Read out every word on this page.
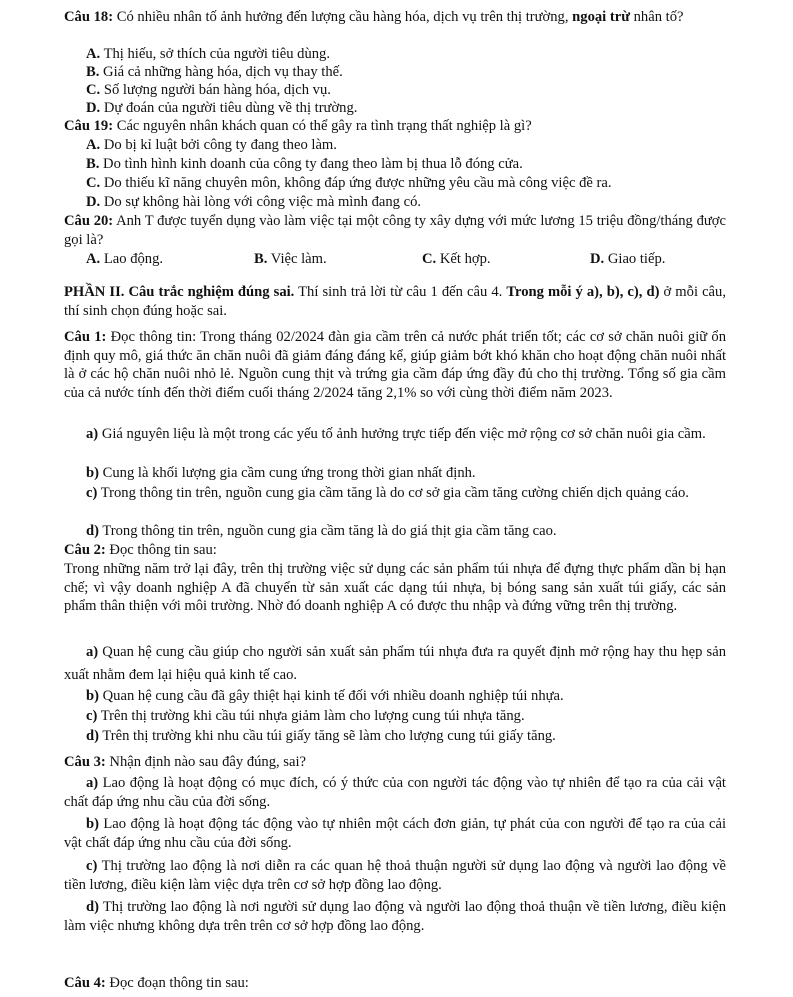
Câu 18: Có nhiều nhân tố ảnh hưởng đến lượng cầu hàng hóa, dịch vụ trên thị trường, ngoại trừ nhân tố?

A. Thị hiếu, sở thích của người tiêu dùng.

B. Giá cả những hàng hóa, dịch vụ thay thế.

C. Số lượng người bán hàng hóa, dịch vụ.

D. Dự đoán của người tiêu dùng về thị trường.

Câu 19: Các nguyên nhân khách quan có thể gây ra tình trạng thất nghiệp là gì?

A. Do bị kỉ luật bởi công ty đang theo làm.

B. Do tình hình kinh doanh của công ty đang theo làm bị thua lỗ đóng cửa.

C. Do thiếu kĩ năng chuyên môn, không đáp ứng được những yêu cầu mà công việc đề ra.

D. Do sự không hài lòng với công việc mà mình đang có.

Câu 20: Anh T được tuyển dụng vào làm việc tại một công ty xây dựng với mức lương 15 triệu đồng/tháng được gọi là?

A. Lao động.	B. Việc làm.	C. Kết hợp.	D. Giao tiếp.

PHẦN II. Câu trắc nghiệm đúng sai. Thí sinh trả lời từ câu 1 đến câu 4. Trong mỗi ý a), b), c), d) ở mỗi câu, thí sinh chọn đúng hoặc sai.

Câu 1: Đọc thông tin: Trong tháng 02/2024 đàn gia cầm trên cả nước phát triển tốt; các cơ sở chăn nuôi giữ ổn định quy mô, giá thức ăn chăn nuôi đã giảm đáng đáng kể, giúp giảm bớt khó khăn cho hoạt động chăn nuôi nhất là ở các hộ chăn nuôi nhỏ lẻ. Nguồn cung thịt và trứng gia cầm đáp ứng đầy đủ cho thị trường. Tổng số gia cầm của cả nước tính đến thời điểm cuối tháng 2/2024 tăng 2,1% so với cùng thời điểm năm 2023.

a) Giá nguyên liệu là một trong các yếu tố ảnh hưởng trực tiếp đến việc mở rộng cơ sở chăn nuôi gia cầm.

b) Cung là khối lượng gia cầm cung ứng trong thời gian nhất định.

c) Trong thông tin trên, nguồn cung gia cầm tăng là do cơ sở gia cầm tăng cường chiến dịch quảng cáo.

d) Trong thông tin trên, nguồn cung gia cầm tăng là do giá thịt gia cầm tăng cao.

Câu 2: Đọc thông tin sau:

Trong những năm trở lại đây, trên thị trường việc sử dụng các sản phẩm túi nhựa để đựng thực phẩm dần bị hạn chế; vì vậy doanh nghiệp A đã chuyển từ sản xuất các dạng túi nhựa, bị bóng sang sản xuất túi giấy, các sản phẩm thân thiện với môi trường. Nhờ đó doanh nghiệp A có được thu nhập và đứng vững trên thị trường.

a) Quan hệ cung cầu giúp cho người sản xuất sản phẩm túi nhựa đưa ra quyết định mở rộng hay thu hẹp sản xuất nhằm đem lại hiệu quả kinh tế cao.

b) Quan hệ cung cầu đã gây thiệt hại kinh tế đối với nhiều doanh nghiệp túi nhựa.

c) Trên thị trường khi cầu túi nhựa giảm làm cho lượng cung túi nhựa tăng.

d) Trên thị trường khi nhu cầu túi giấy tăng sẽ làm cho lượng cung túi giấy tăng.

Câu 3: Nhận định nào sau đây đúng, sai?

a) Lao động là hoạt động có mục đích, có ý thức của con người tác động vào tự nhiên để tạo ra của cải vật chất đáp ứng nhu cầu của đời sống.

b) Lao động là hoạt động tác động vào tự nhiên một cách đơn giản, tự phát của con người để tạo ra của cải vật chất đáp ứng nhu cầu của đời sống.

c) Thị trường lao động là nơi diễn ra các quan hệ thoả thuận người sử dụng lao động và người lao động về tiền lương, điều kiện làm việc dựa trên cơ sở hợp đồng lao động.

d) Thị trường lao động là nơi người sử dụng lao động và người lao động thoả thuận về tiền lương, điều kiện làm việc nhưng không dựa trên trên cơ sở hợp đồng lao động.

Câu 4: Đọc đoạn thông tin sau:
